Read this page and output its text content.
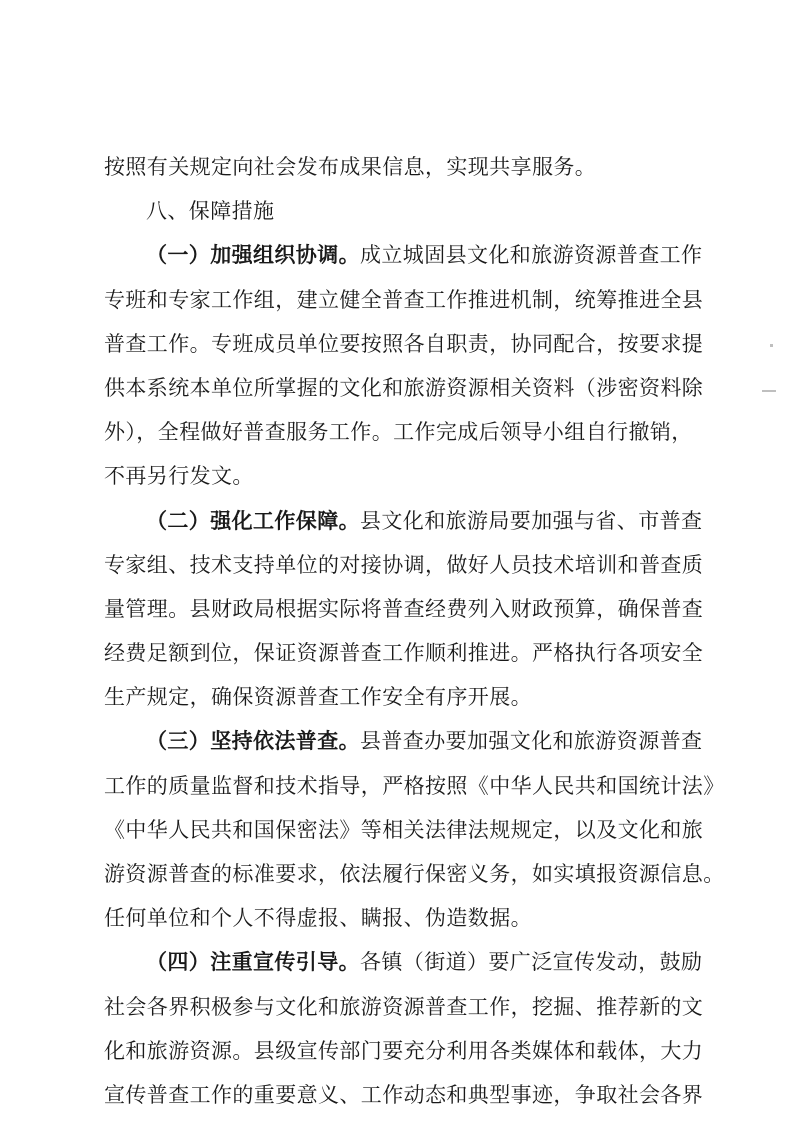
按照有关规定向社会发布成果信息，实现共享服务。
八、保障措施
（一）加强组织协调。成立城固县文化和旅游资源普查工作
专班和专家工作组，建立健全普查工作推进机制，统筹推进全县
普查工作。专班成员单位要按照各自职责，协同配合，按要求提
供本系统本单位所掌握的文化和旅游资源相关资料（涉密资料除
外），全程做好普查服务工作。工作完成后领导小组自行撤销，
不再另行发文。
（二）强化工作保障。县文化和旅游局要加强与省、市普查
专家组、技术支持单位的对接协调，做好人员技术培训和普查质
量管理。县财政局根据实际将普查经费列入财政预算，确保普查
经费足额到位，保证资源普查工作顺利推进。严格执行各项安全
生产规定，确保资源普查工作安全有序开展。
（三）坚持依法普查。县普查办要加强文化和旅游资源普查
工作的质量监督和技术指导，严格按照《中华人民共和国统计法》
《中华人民共和国保密法》等相关法律法规规定，以及文化和旅
游资源普查的标准要求，依法履行保密义务，如实填报资源信息。
任何单位和个人不得虚报、瞒报、伪造数据。
（四）注重宣传引导。各镇（街道）要广泛宣传发动，鼓励
社会各界积极参与文化和旅游资源普查工作，挖掘、推荐新的文
化和旅游资源。县级宣传部门要充分利用各类媒体和载体，大力
宣传普查工作的重要意义、工作动态和典型事迹，争取社会各界
